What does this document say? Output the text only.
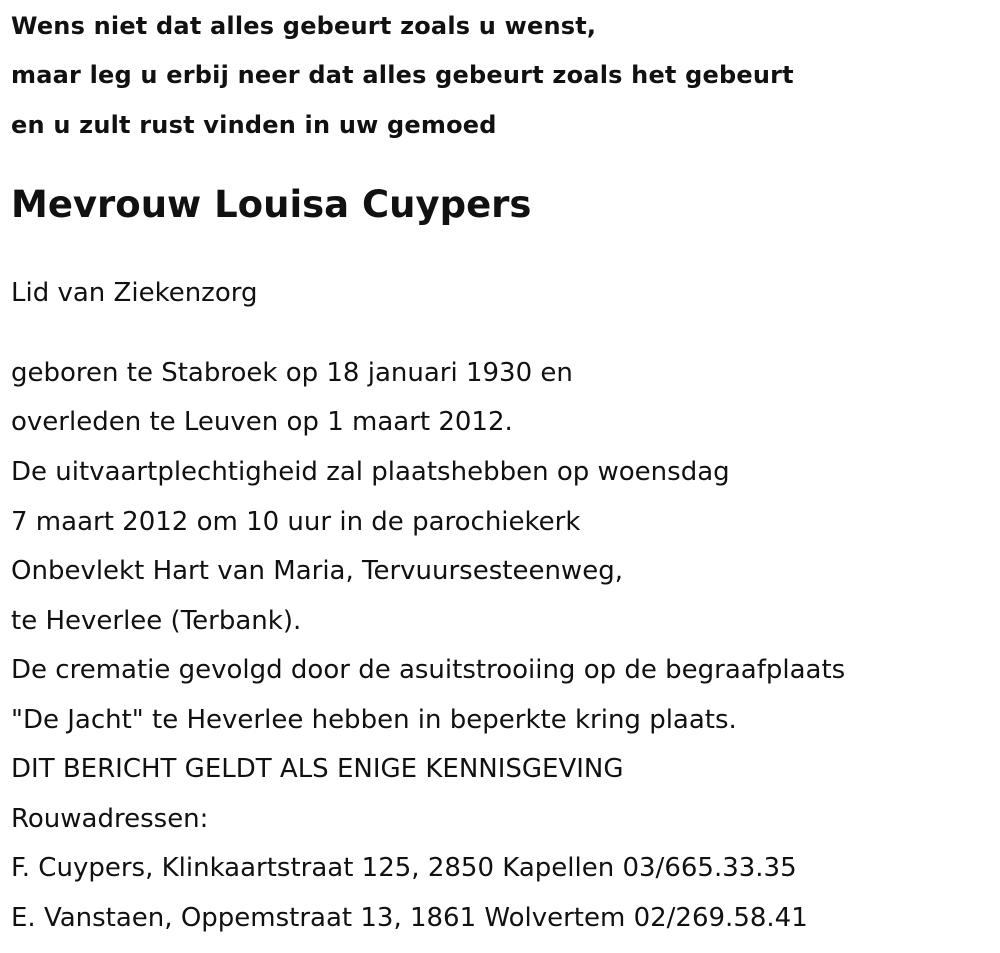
Wens niet dat alles gebeurt zoals u wenst,
maar leg u erbij neer dat alles gebeurt zoals het gebeurt
en u zult rust vinden in uw gemoed
Mevrouw Louisa Cuypers
Lid van Ziekenzorg
geboren te Stabroek op 18 januari 1930 en
overleden te Leuven op 1 maart 2012.
De uitvaartplechtigheid zal plaatshebben op woensdag
7 maart 2012 om 10 uur in de parochiekerk
Onbevlekt Hart van Maria, Tervuursesteenweg,
te Heverlee (Terbank).
De crematie gevolgd door de asuitstrooiing op de begraafplaats
"De Jacht" te Heverlee hebben in beperkte kring plaats.
DIT BERICHT GELDT ALS ENIGE KENNISGEVING
Rouwadressen:
F. Cuypers, Klinkaartstraat 125, 2850 Kapellen 03/665.33.35
E. Vanstaen, Oppemstraat 13, 1861 Wolvertem 02/269.58.41
